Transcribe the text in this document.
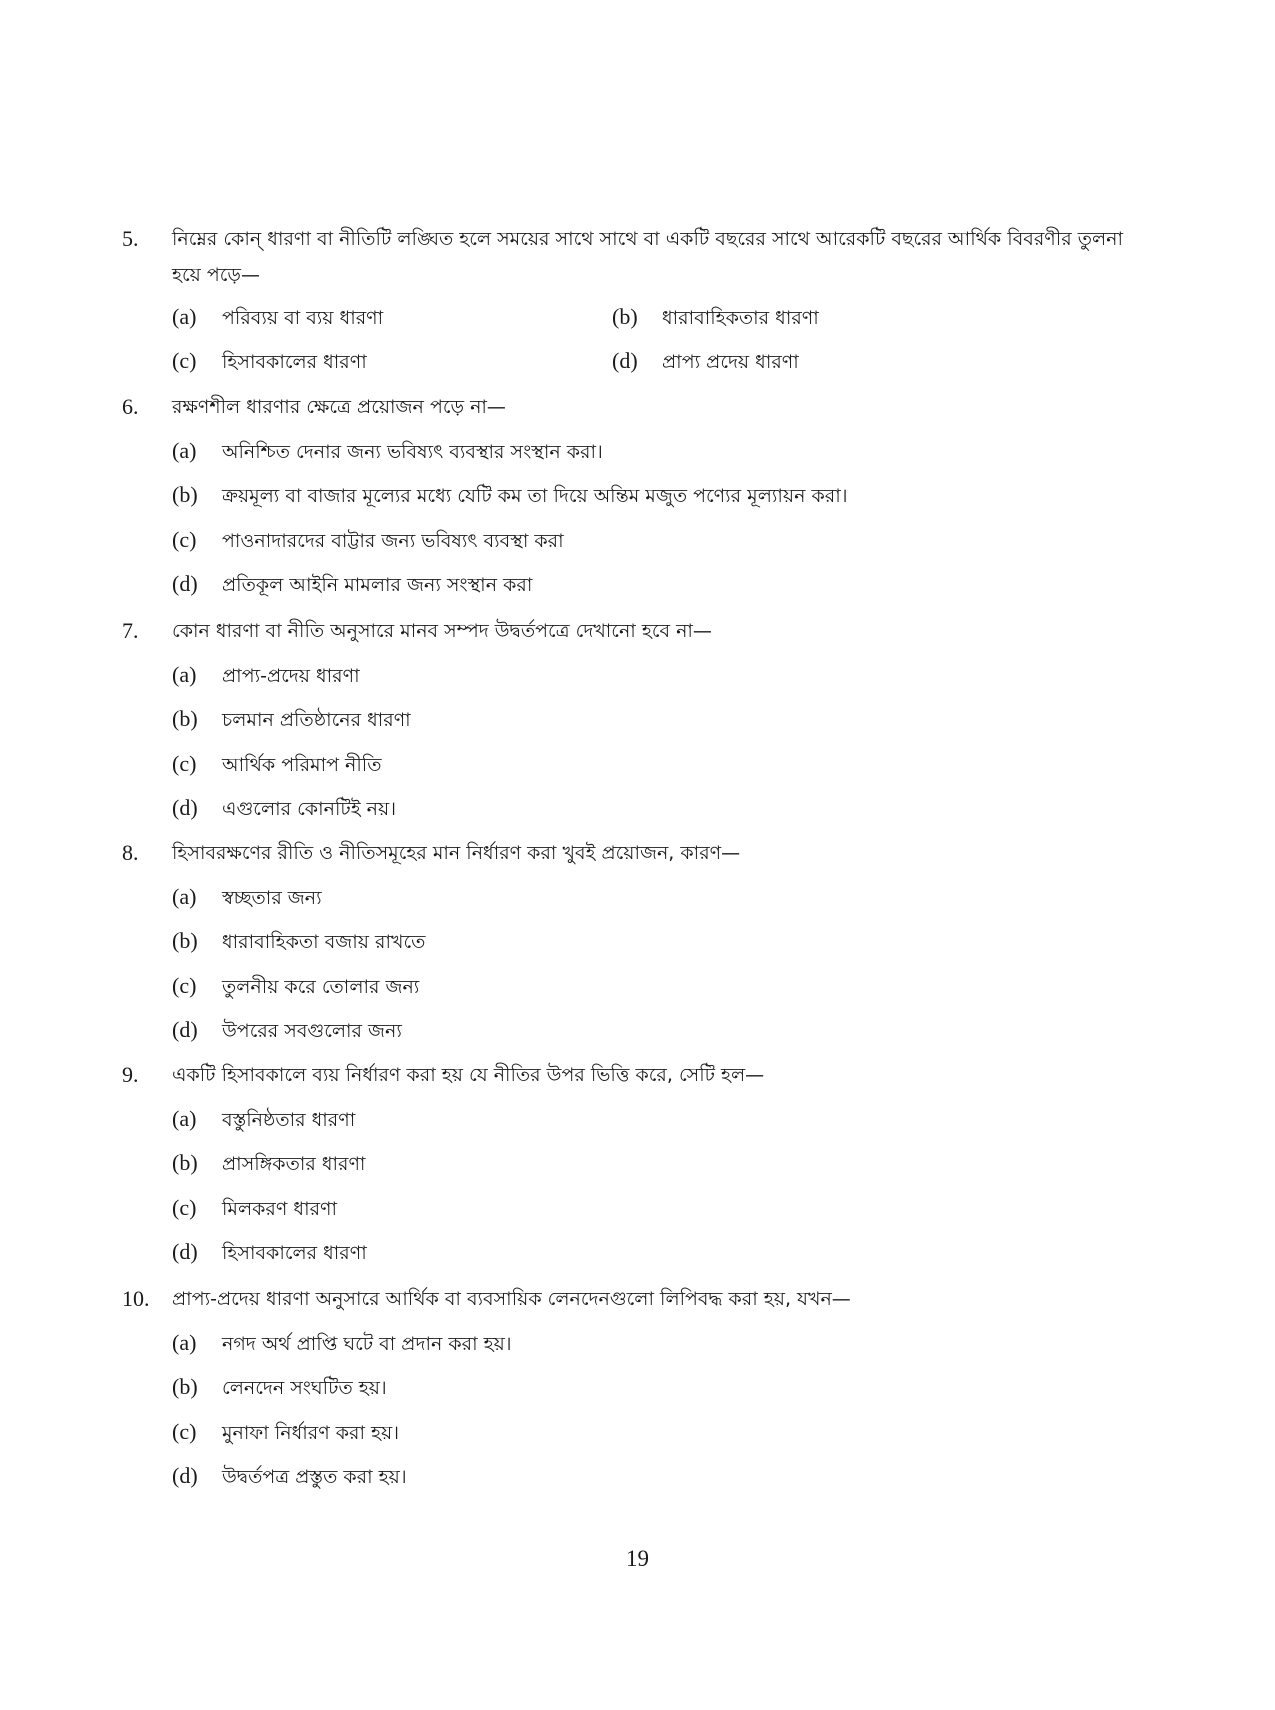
5.	নিম্নের কোন্ ধারণা বা নীতিটি লঙ্ঘিত হলে সময়ের সাথে সাথে বা একটি বছরের সাথে আরেকটি বছরের আর্থিক বিবরণীর তুলনা হয়ে পড়ে—
(a) পরিব্যয় বা ব্যয় ধারণা	(b) ধারাবাহিকতার ধারণা
(c) হিসাবকালের ধারণা	(d) প্রাপ্য প্রদেয় ধারণা
6.	রক্ষণশীল ধারণার ক্ষেত্রে প্রয়োজন পড়ে না—
(a) অনিশ্চিত দেনার জন্য ভবিষ্যৎ ব্যবস্থার সংস্থান করা।
(b) ক্রয়মূল্য বা বাজার মূল্যের মধ্যে যেটি কম তা দিয়ে অন্তিম মজুত পণ্যের মূল্যায়ন করা।
(c) পাওনাদারদের বাট্টার জন্য ভবিষ্যৎ ব্যবস্থা করা
(d) প্রতিকূল আইনি মামলার জন্য সংস্থান করা
7.	কোন ধারণা বা নীতি অনুসারে মানব সম্পদ উদ্বর্তপত্রে দেখানো হবে না—
(a) প্রাপ্য-প্রদেয় ধারণা
(b) চলমান প্রতিষ্ঠানের ধারণা
(c) আর্থিক পরিমাপ নীতি
(d) এগুলোর কোনটিই নয়।
8.	হিসাবরক্ষণের রীতি ও নীতিসমূহের মান নির্ধারণ করা খুবই প্রয়োজন, কারণ—
(a) স্বচ্ছতার জন্য
(b) ধারাবাহিকতা বজায় রাখতে
(c) তুলনীয় করে তোলার জন্য
(d) উপরের সবগুলোর জন্য
9.	একটি হিসাবকালে ব্যয় নির্ধারণ করা হয় যে নীতির উপর ভিত্তি করে, সেটি হল—
(a) বস্তুনিষ্ঠতার ধারণা
(b) প্রাসঙ্গিকতার ধারণা
(c) মিলকরণ ধারণা
(d) হিসাবকালের ধারণা
10.	প্রাপ্য-প্রদেয় ধারণা অনুসারে আর্থিক বা ব্যবসায়িক লেনদেনগুলো লিপিবদ্ধ করা হয়, যখন—
(a) নগদ অর্থ প্রাপ্তি ঘটে বা প্রদান করা হয়।
(b) লেনদেন সংঘটিত হয়।
(c) মুনাফা নির্ধারণ করা হয়।
(d) উদ্বর্তপত্র প্রস্তুত করা হয়।
19
